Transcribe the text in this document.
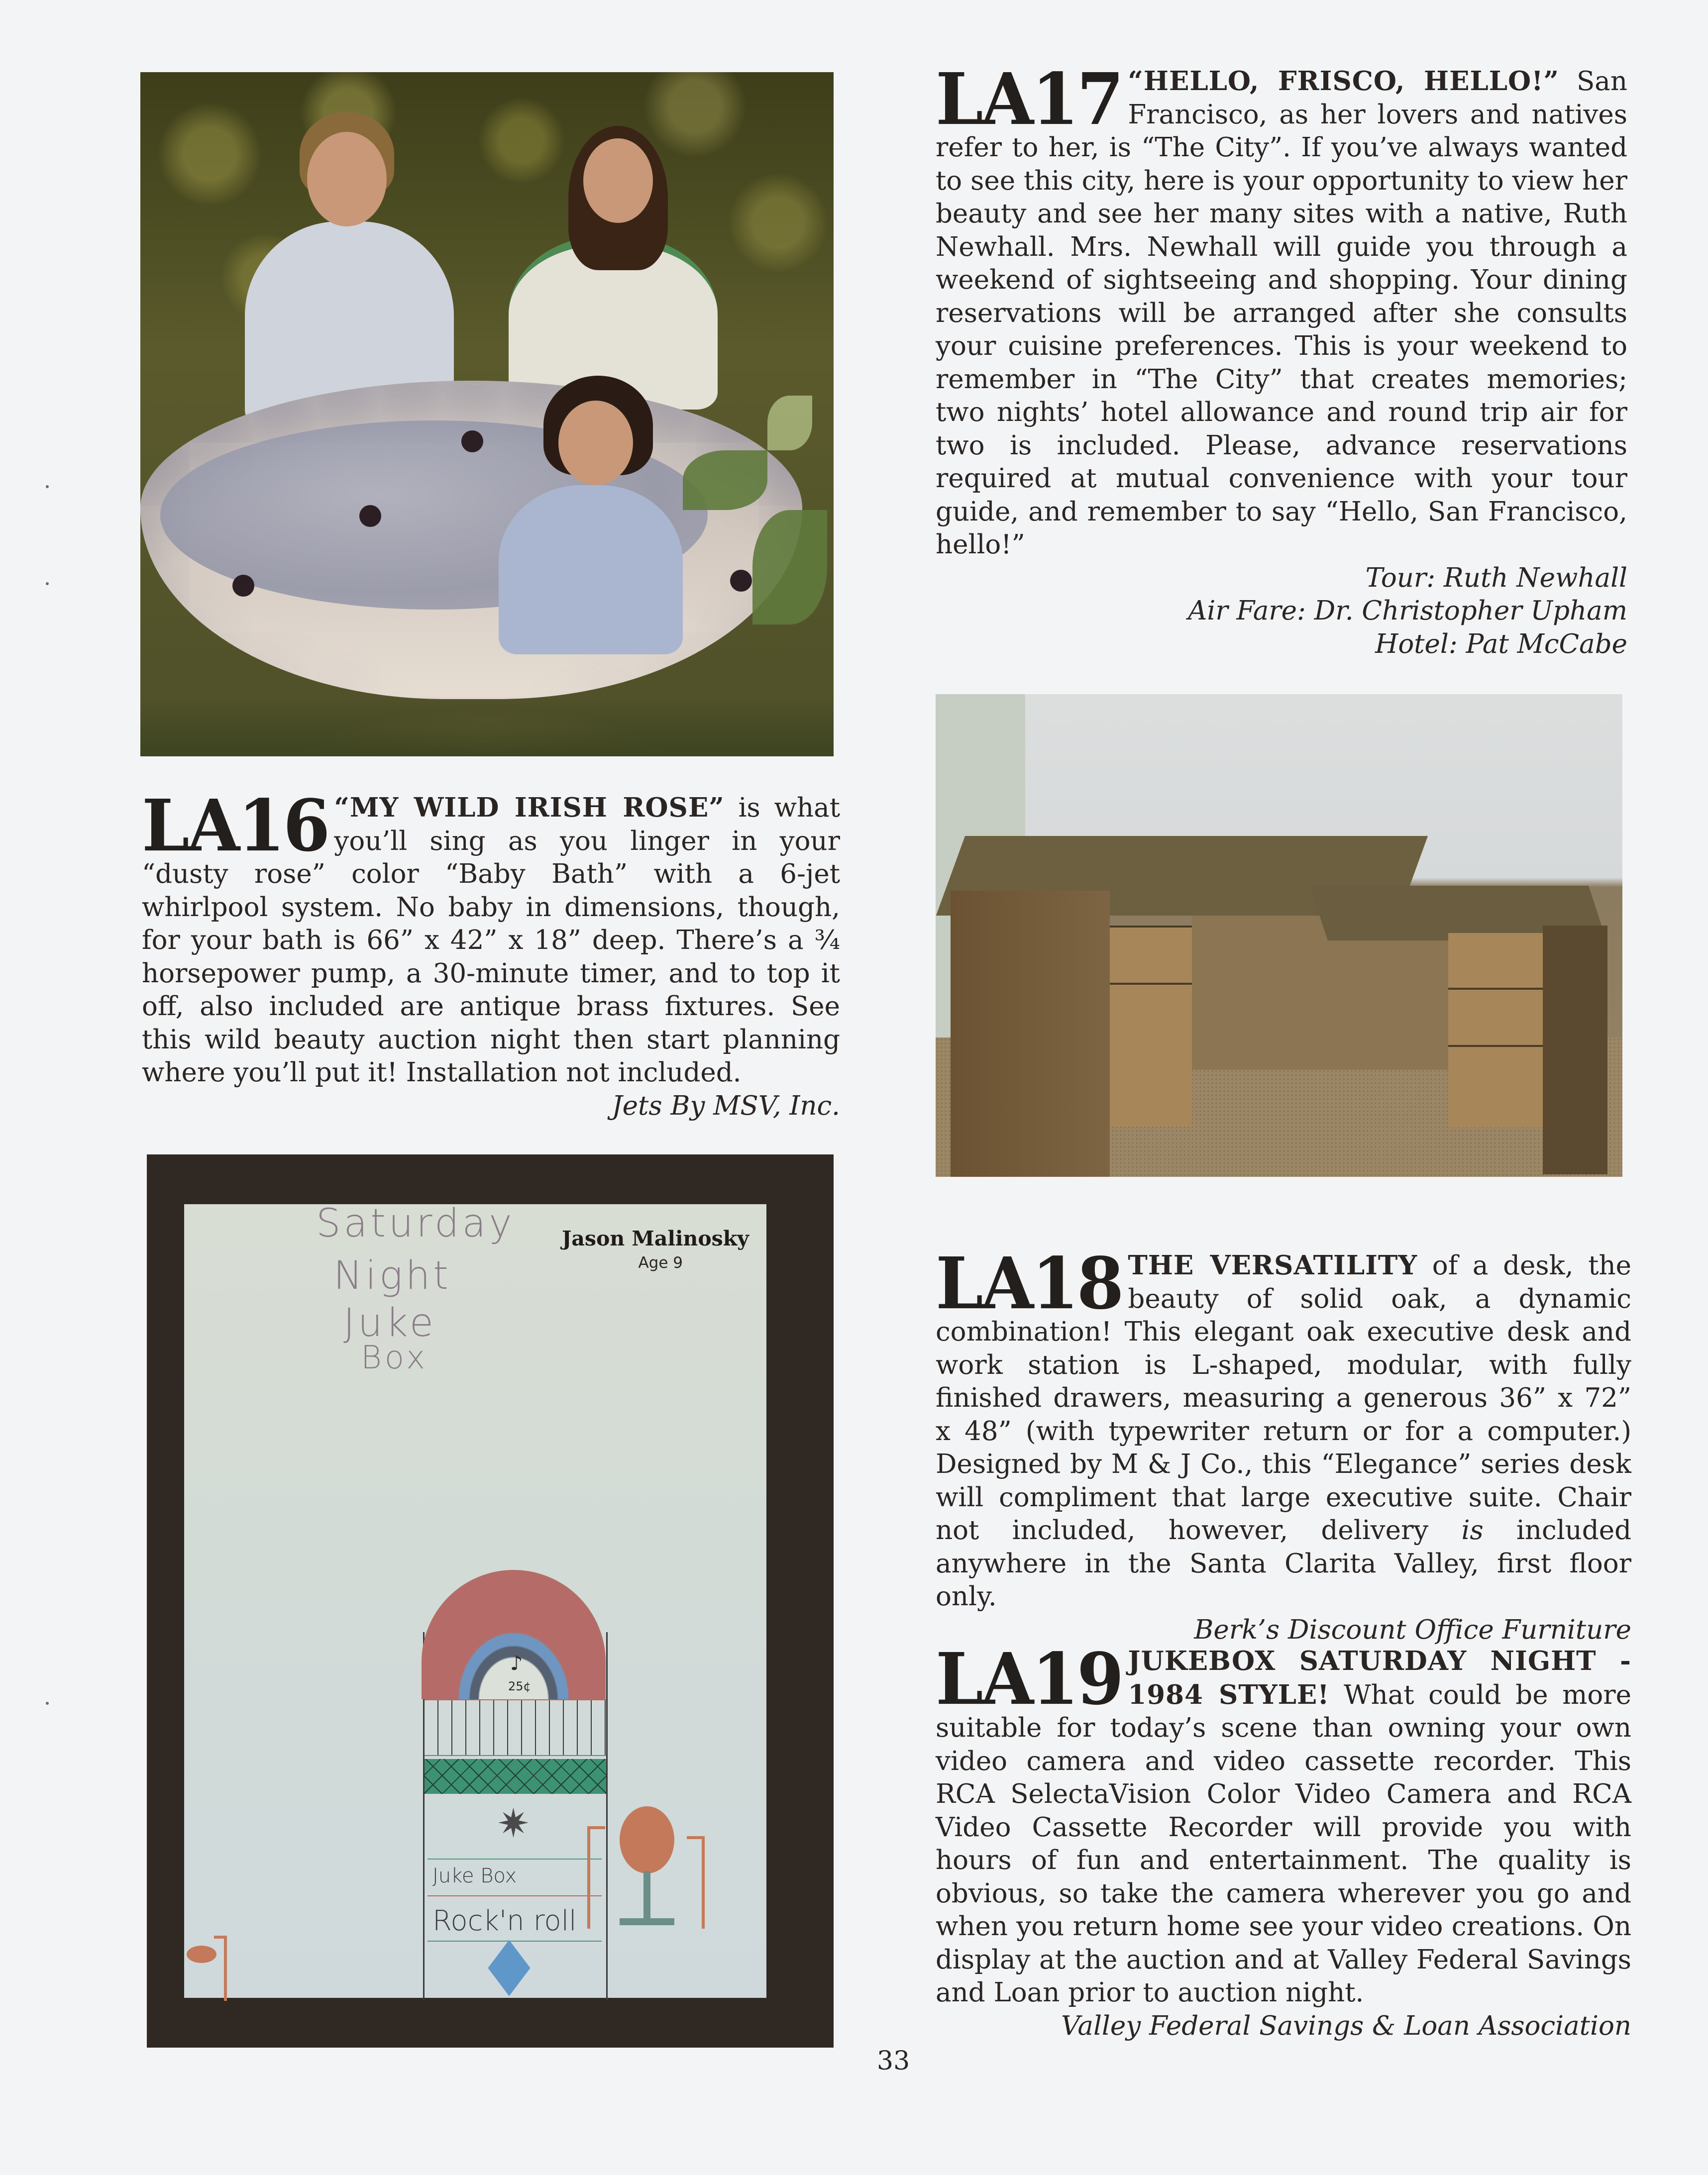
LA16 “MY WILD IRISH ROSE” is what you’ll sing as you linger in your “dusty rose” color “Baby Bath” with a 6-jet whirlpool system. No baby in dimensions, though, for your bath is 66” x 42” x 18” deep. There’s a ¾ horsepower pump, a 30-minute timer, and to top it off, also included are antique brass fixtures. See this wild beauty auction night then start planning where you’ll put it! Installation not included.

Jets By MSV, Inc.
Jason Malinosky
Age 9
Saturday
Night
Juke
Box
♪
25¢
✷
Juke Box
Rock'n roll

LA17 “HELLO, FRISCO, HELLO!” San Francisco, as her lovers and natives refer to her, is “The City”. If you’ve always wanted to see this city, here is your opportunity to view her beauty and see her many sites with a native, Ruth Newhall. Mrs. Newhall will guide you through a weekend of sightseeing and shopping. Your dining reservations will be arranged after she consults your cuisine preferences. This is your weekend to remember in “The City” that creates memories; two nights’ hotel allowance and round trip air for two is included. Please, advance reservations required at mutual convenience with your tour guide, and remember to say “Hello, San Francisco, hello!”

Tour: Ruth Newhall
Air Fare: Dr. Christopher Upham
Hotel: Pat McCabe

LA18 THE VERSATILITY of a desk, the beauty of solid oak, a dynamic combination! This elegant oak executive desk and work station is L-shaped, modular, with fully finished drawers, measuring a generous 36” x 72” x 48” (with typewriter return or for a computer.) Designed by M & J Co., this “Elegance” series desk will compliment that large executive suite. Chair not included, however, delivery is included anywhere in the Santa Clarita Valley, first floor only.

Berk’s Discount Office Furniture

LA19 JUKEBOX SATURDAY NIGHT - 1984 STYLE! What could be more suitable for today’s scene than owning your own video camera and video cassette recorder. This RCA SelectaVision Color Video Camera and RCA Video Cassette Recorder will provide you with hours of fun and entertainment. The quality is obvious, so take the camera wherever you go and when you return home see your video creations. On display at the auction and at Valley Federal Savings and Loan prior to auction night.

Valley Federal Savings & Loan Association
33
